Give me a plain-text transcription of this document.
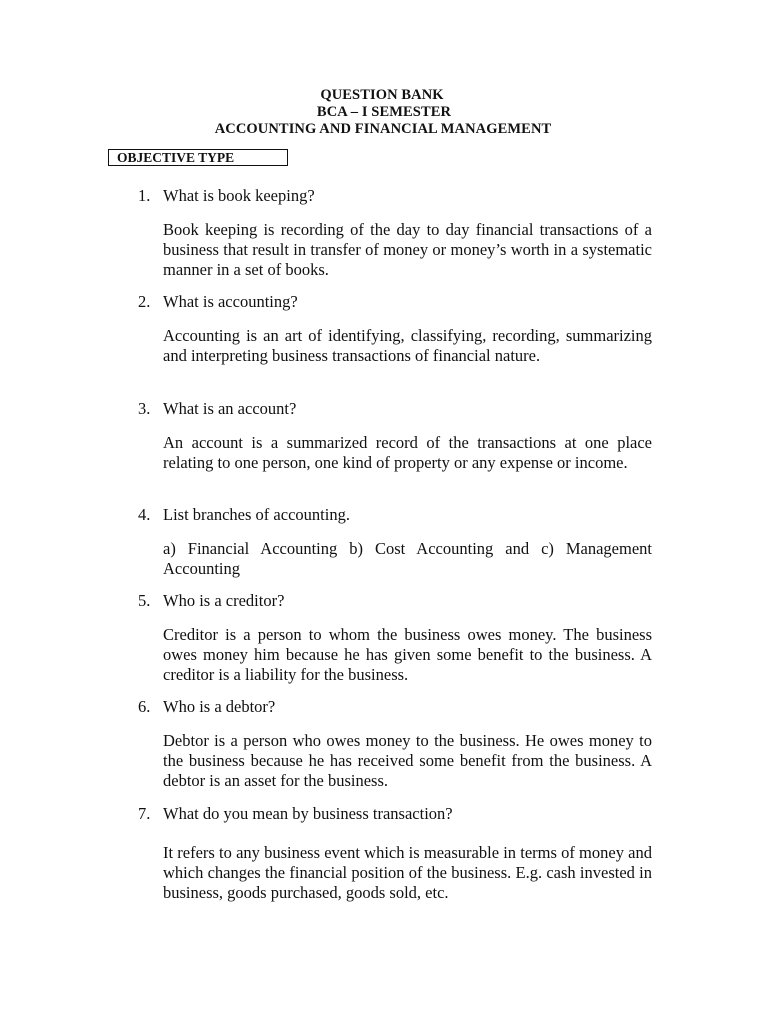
QUESTION BANK
BCA – I SEMESTER
ACCOUNTING AND FINANCIAL MANAGEMENT
OBJECTIVE TYPE
1. What is book keeping?
Book keeping is recording of the day to day financial transactions of a business that result in transfer of money or money’s worth in a systematic manner in a set of books.
2. What is accounting?
Accounting is an art of identifying, classifying, recording, summarizing and interpreting business transactions of financial nature.
3. What is an account?
An account is a summarized record of the transactions at one place relating to one person, one kind of property or any expense or income.
4. List branches of accounting.
a) Financial Accounting b) Cost Accounting and c) Management Accounting
5. Who is a creditor?
Creditor is a person to whom the business owes money. The business owes money him because he has given some benefit to the business. A creditor is a liability for the business.
6. Who is a debtor?
Debtor is a person who owes money to the business. He owes money to the business because he has received some benefit from the business. A debtor is an asset for the business.
7. What do you mean by business transaction?
It refers to any business event which is measurable in terms of money and which changes the financial position of the business. E.g. cash invested in business, goods purchased, goods sold, etc.
